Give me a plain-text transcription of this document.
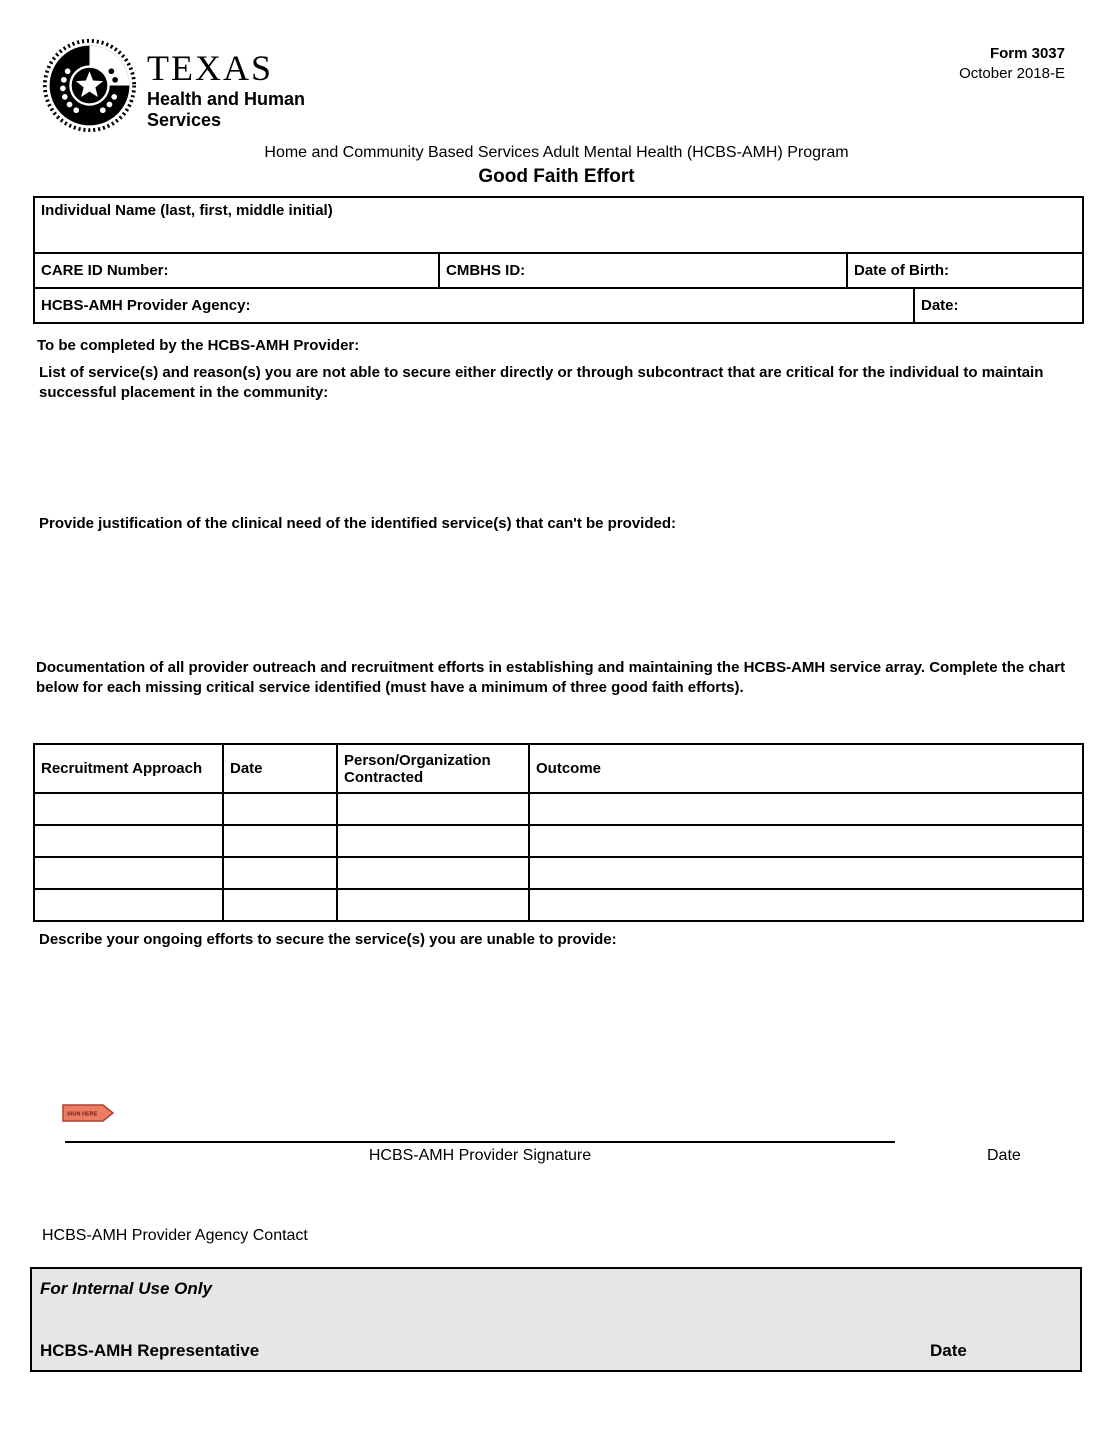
TEXAS
Health and Human
Services
Form 3037
October 2018-E
Home and Community Based Services Adult Mental Health (HCBS-AMH) Program
Good Faith Effort
Individual Name (last, first, middle initial)			
CARE ID Number:	CMBHS ID:	Date of Birth:	
HCBS-AMH Provider Agency:			Date:
To be completed by the HCBS-AMH Provider:
List of service(s) and reason(s) you are not able to secure either directly or through subcontract that are critical for the individual to maintain successful placement in the community:
Provide justification of the clinical need of the identified service(s) that can't be provided:
Documentation of all provider outreach and recruitment efforts in establishing and maintaining the HCBS-AMH service array. Complete the chart below for each missing critical service identified (must have a minimum of three good faith efforts).
Recruitment Approach	Date	Person/Organization Contracted	Outcome

Describe your ongoing efforts to secure the service(s) you are unable to provide:
SIGN HERE
HCBS-AMH Provider Signature	Date
HCBS-AMH Provider Agency Contact
For Internal Use Only
HCBS-AMH Representative	Date
